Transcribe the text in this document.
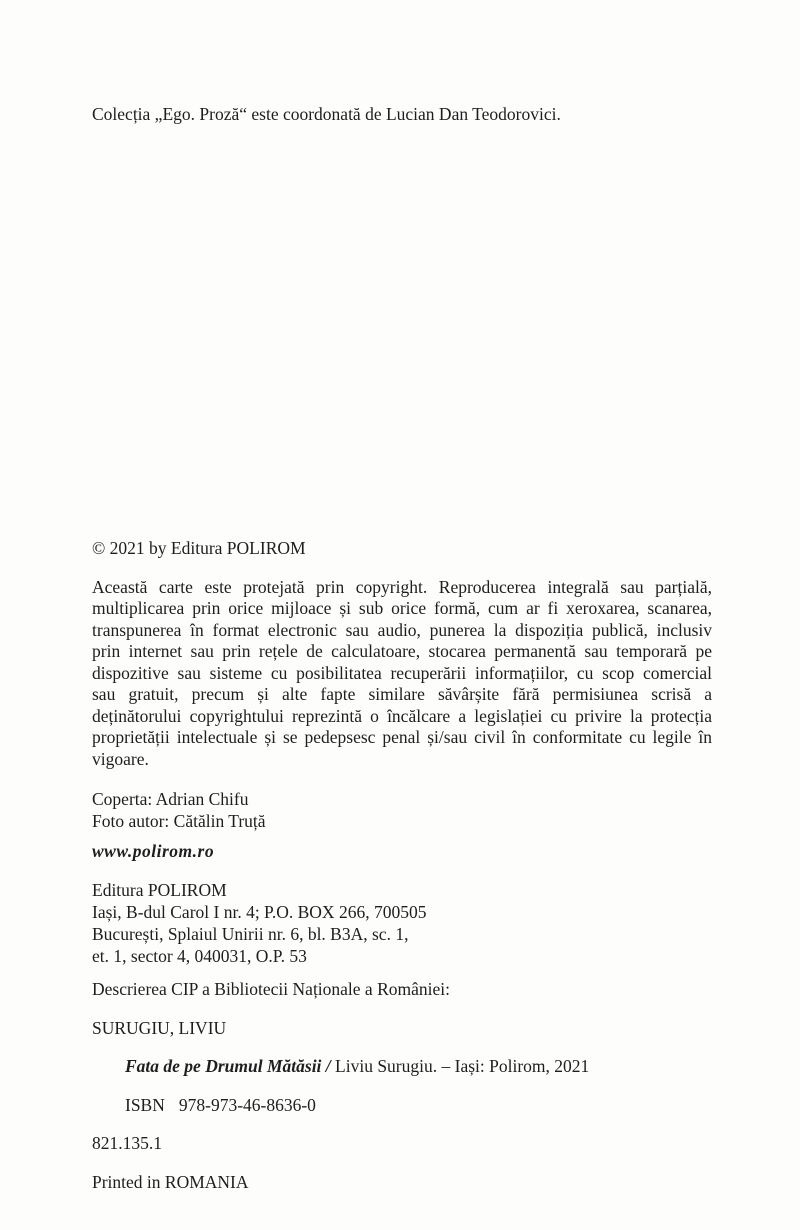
Colecția „Ego. Proză“ este coordonată de Lucian Dan Teodorovici.

© 2021 by Editura POLIROM

Această carte este protejată prin copyright. Reproducerea integrală sau parțială, multiplicarea prin orice mijloace și sub orice formă, cum ar fi xeroxarea, scanarea, transpunerea în format electronic sau audio, punerea la dispoziția publică, inclusiv prin internet sau prin rețele de calculatoare, stocarea permanentă sau temporară pe dispozitive sau sisteme cu posibilitatea recuperării informațiilor, cu scop comercial sau gratuit, precum și alte fapte similare săvârșite fără permisiunea scrisă a deținătorului copyrightului reprezintă o încălcare a legislației cu privire la protecția proprietății intelectuale și se pedepsesc penal și/sau civil în conformitate cu legile în vigoare.

Coperta: Adrian Chifu
Foto autor: Cătălin Truță

www.polirom.ro

Editura POLIROM
Iași, B-dul Carol I nr. 4; P.O. BOX 266, 700505
București, Splaiul Unirii nr. 6, bl. B3A, sc. 1,
et. 1, sector 4, 040031, O.P. 53

Descrierea CIP a Bibliotecii Naționale a României:

SURUGIU, LIVIU

Fata de pe Drumul Mătăsii / Liviu Surugiu. – Iași: Polirom, 2021

ISBN 978-973-46-8636-0

821.135.1

Printed in ROMANIA
